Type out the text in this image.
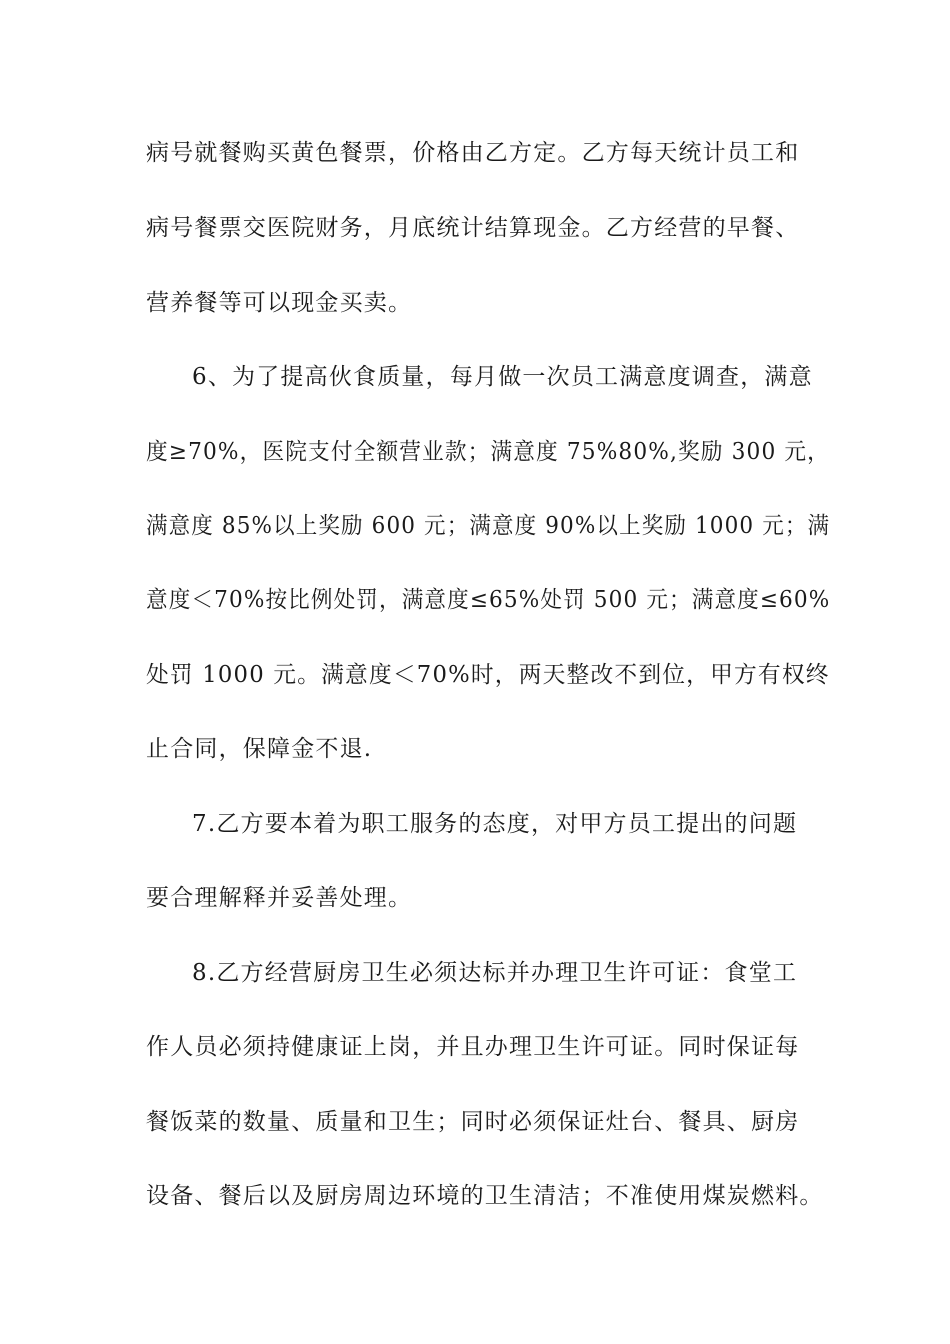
病号就餐购买黄色餐票，价格由乙方定。乙方每天统计员工和

病号餐票交医院财务，月底统计结算现金。乙方经营的早餐、

营养餐等可以现金买卖。

6、为了提高伙食质量，每月做一次员工满意度调查，满意

度≥70%，医院支付全额营业款；满意度 75%80%,奖励 300 元，

满意度 85%以上奖励 600 元；满意度 90%以上奖励 1000 元；满

意度＜70%按比例处罚，满意度≤65%处罚 500 元；满意度≤60%

处罚 1000 元。满意度＜70%时，两天整改不到位，甲方有权终

止合同，保障金不退.

7.乙方要本着为职工服务的态度，对甲方员工提出的问题

要合理解释并妥善处理。

8.乙方经营厨房卫生必须达标并办理卫生许可证：食堂工

作人员必须持健康证上岗，并且办理卫生许可证。同时保证每

餐饭菜的数量、质量和卫生；同时必须保证灶台、餐具、厨房

设备、餐后以及厨房周边环境的卫生清洁；不准使用煤炭燃料。
